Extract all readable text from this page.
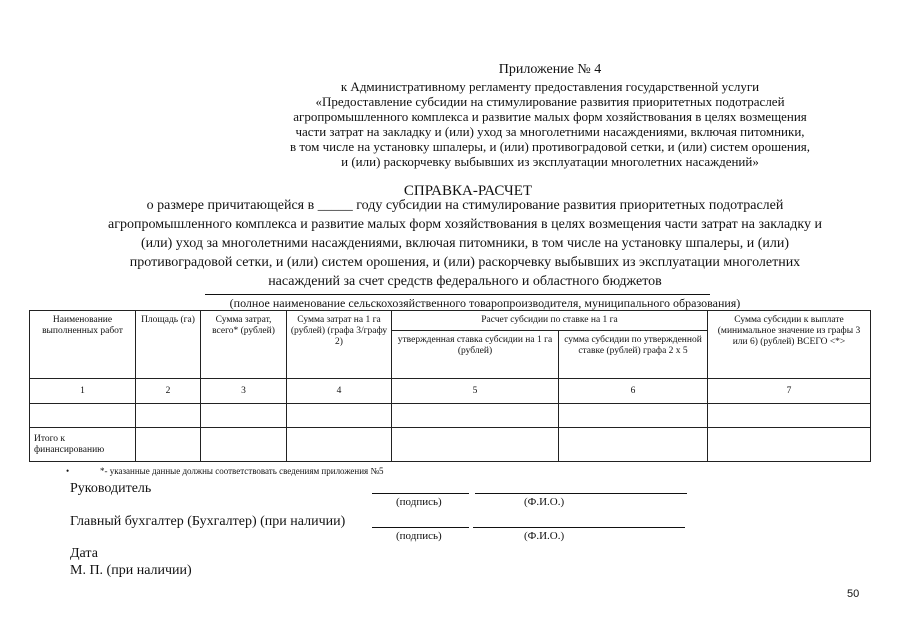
Приложение № 4
к Административному регламенту предоставления государственной услуги
«Предоставление субсидии на стимулирование развития приоритетных подотраслей
агропромышленного комплекса и развитие малых форм хозяйствования в целях возмещения
части затрат на закладку и (или) уход за многолетними насаждениями, включая питомники,
в том числе на установку шпалеры, и (или) противоградовой сетки, и (или) систем орошения,
и (или) раскорчевку выбывших из эксплуатации многолетних насаждений»
СПРАВКА-РАСЧЕТ
о размере причитающейся в _____ году субсидии на стимулирование развития приоритетных подотраслей
агропромышленного комплекса и развитие малых форм хозяйствования в целях возмещения части затрат на закладку и
(или) уход за многолетними насаждениями, включая питомники, в том числе на установку шпалеры, и (или)
противоградовой сетки, и (или) систем орошения, и (или) раскорчевку выбывших из эксплуатации многолетних
насаждений за счет средств федерального и областного бюджетов
(полное наименование сельскохозяйственного товаропроизводителя, муниципального образования)
Наименование выполненных работ	Площадь (га)	Сумма затрат, всего* (рублей)	Сумма затрат на 1 га (рублей) (графа 3/графу 2)	Расчет субсидии по ставке на 1 га		Сумма субсидии к выплате (минимальное значение из графы 3 или 6) (рублей) ВСЕГО <*>
				утвержденная ставка субсидии на 1 га (рублей)	сумма субсидии по утвержденной ставке (рублей) графа 2 х 5	
1	2	3	4	5	6	7

Итого к финансированию						
•	*- указанные данные должны соответствовать сведениям приложения №5
Руководитель
(подпись)	(Ф.И.О.)
Главный бухгалтер (Бухгалтер) (при наличии)
(подпись)	(Ф.И.О.)
Дата
М. П. (при наличии)
50
